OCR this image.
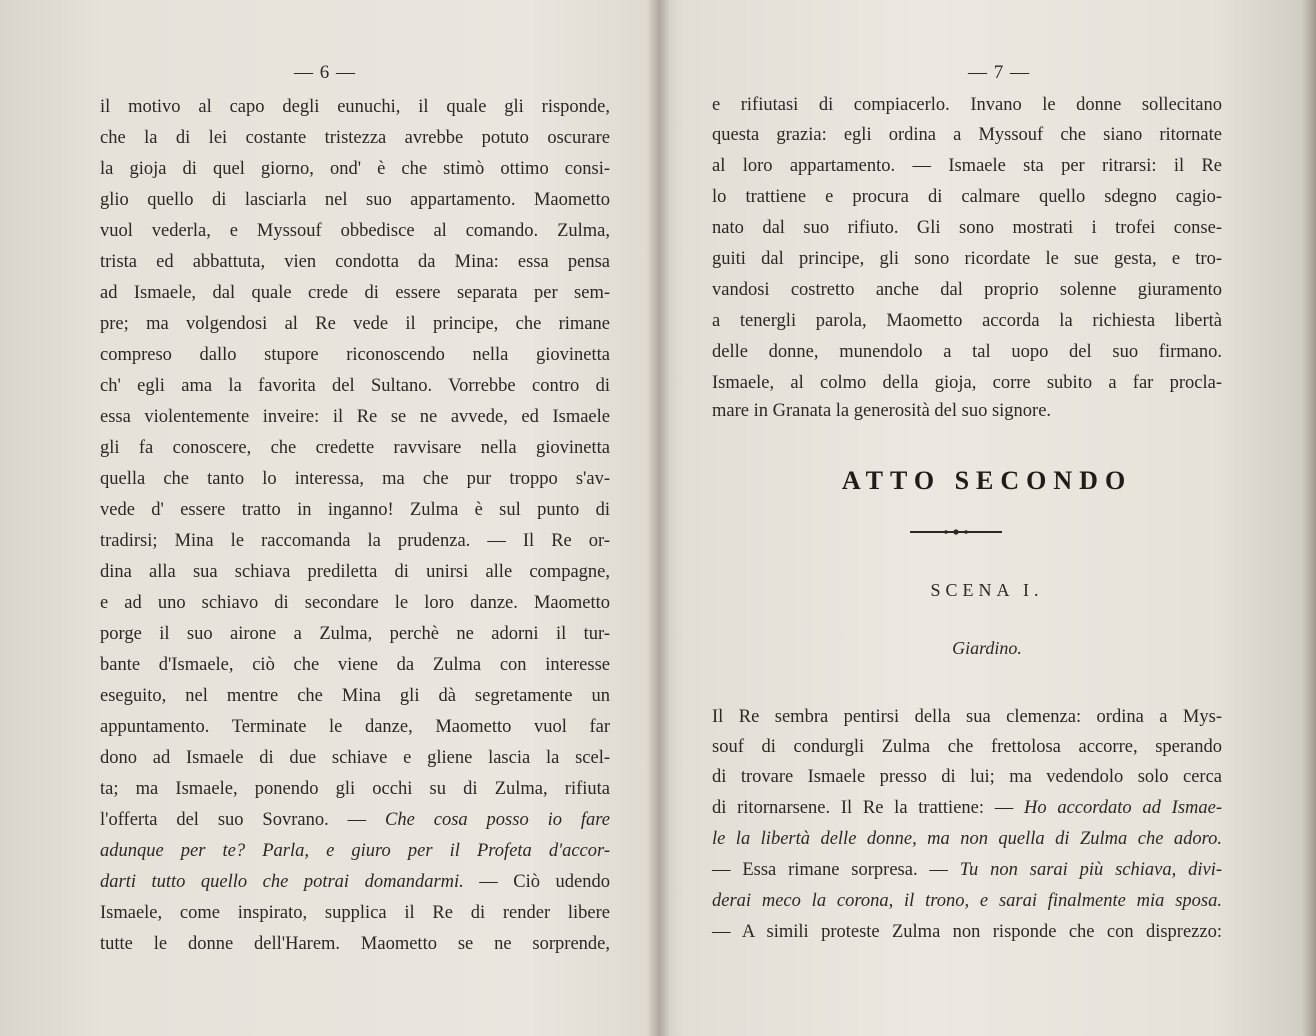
— 6 —
il motivo al capo degli eunuchi, il quale gli risponde,
che la di lei costante tristezza avrebbe potuto oscurare
la gioja di quel giorno, ond' è che stimò ottimo consi-
glio quello di lasciarla nel suo appartamento. Maometto
vuol vederla, e Myssouf obbedisce al comando. Zulma,
trista ed abbattuta, vien condotta da Mina: essa pensa
ad Ismaele, dal quale crede di essere separata per sem-
pre; ma volgendosi al Re vede il principe, che rimane
compreso dallo stupore riconoscendo nella giovinetta
ch' egli ama la favorita del Sultano. Vorrebbe contro di
essa violentemente inveire: il Re se ne avvede, ed Ismaele
gli fa conoscere, che credette ravvisare nella giovinetta
quella che tanto lo interessa, ma che pur troppo s'av-
vede d' essere tratto in inganno! Zulma è sul punto di
tradirsi; Mina le raccomanda la prudenza. — Il Re or-
dina alla sua schiava prediletta di unirsi alle compagne,
e ad uno schiavo di secondare le loro danze. Maometto
porge il suo airone a Zulma, perchè ne adorni il tur-
bante d'Ismaele, ciò che viene da Zulma con interesse
eseguito, nel mentre che Mina gli dà segretamente un
appuntamento. Terminate le danze, Maometto vuol far
dono ad Ismaele di due schiave e gliene lascia la scel-
ta; ma Ismaele, ponendo gli occhi su di Zulma, rifiuta
l'offerta del suo Sovrano. — Che cosa posso io fare
adunque per te? Parla, e giuro per il Profeta d'accor-
darti tutto quello che potrai domandarmi. — Ciò udendo
Ismaele, come inspirato, supplica il Re di render libere
tutte le donne dell'Harem. Maometto se ne sorprende,
— 7 —
e rifiutasi di compiacerlo. Invano le donne sollecitano
questa grazia: egli ordina a Myssouf che siano ritornate
al loro appartamento. — Ismaele sta per ritrarsi: il Re
lo trattiene e procura di calmare quello sdegno cagio-
nato dal suo rifiuto. Gli sono mostrati i trofei conse-
guiti dal principe, gli sono ricordate le sue gesta, e tro-
vandosi costretto anche dal proprio solenne giuramento
a tenergli parola, Maometto accorda la richiesta libertà
delle donne, munendolo a tal uopo del suo firmano.
Ismaele, al colmo della gioja, corre subito a far procla-
mare in Granata la generosità del suo signore.
ATTO SECONDO
SCENA I.
Giardino.
Il Re sembra pentirsi della sua clemenza: ordina a Mys-
souf di condurgli Zulma che frettolosa accorre, sperando
di trovare Ismaele presso di lui; ma vedendolo solo cerca
di ritornarsene. Il Re la trattiene: — Ho accordato ad Ismae-
le la libertà delle donne, ma non quella di Zulma che adoro.
— Essa rimane sorpresa. — Tu non sarai più schiava, divi-
derai meco la corona, il trono, e sarai finalmente mia sposa.
— A simili proteste Zulma non risponde che con disprezzo:
